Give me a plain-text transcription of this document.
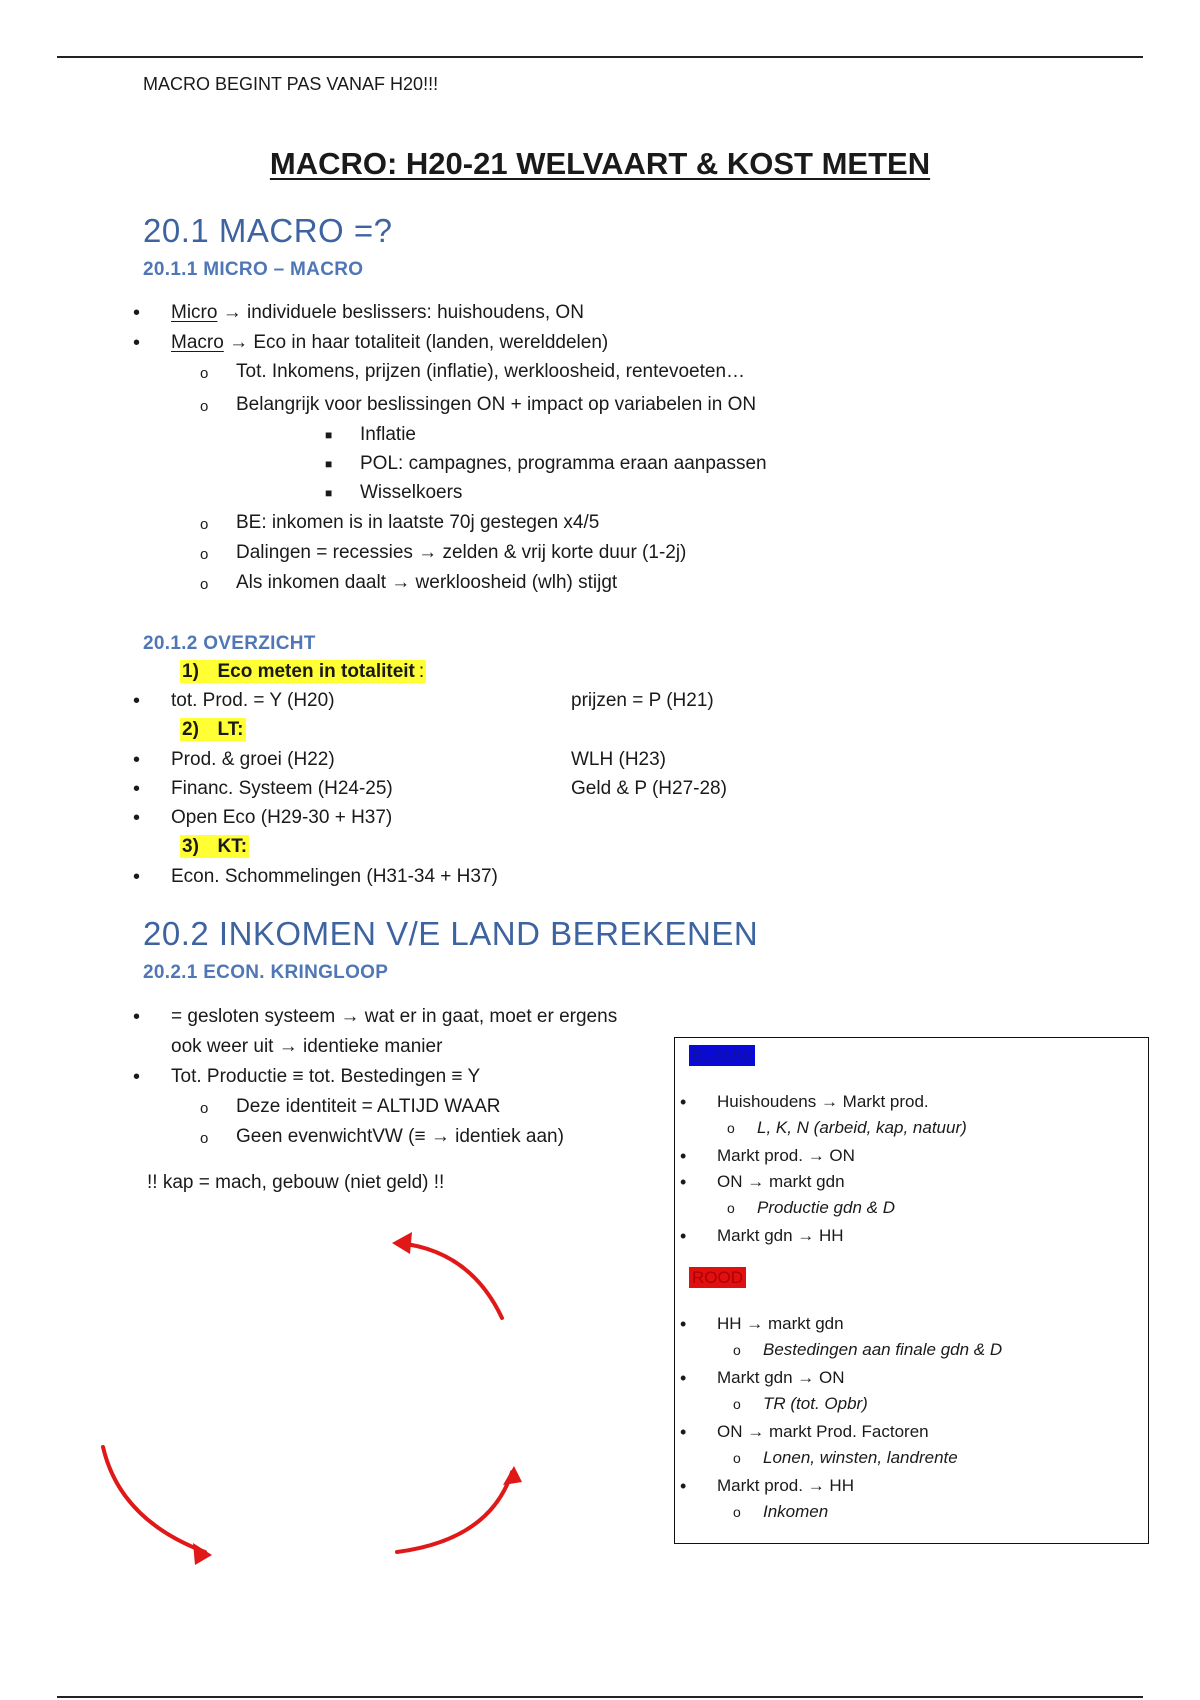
MACRO BEGINT PAS VANAF H20!!!
MACRO: H20-21 WELVAART & KOST METEN
20.1 MACRO =?
20.1.1 MICRO – MACRO
• Micro → individuele beslissers: huishoudens, ON
• Macro → Eco in haar totaliteit (landen, werelddelen)
o Tot. Inkomens, prijzen (inflatie), werkloosheid, rentevoeten…
o Belangrijk voor beslissingen ON + impact op variabelen in ON
■ Inflatie
■ POL: campagnes, programma eraan aanpassen
■ Wisselkoers
o BE: inkomen is in laatste 70j gestegen x4/5
o Dalingen = recessies → zelden & vrij korte duur (1-2j)
o Als inkomen daalt → werkloosheid (wlh) stijgt
20.1.2 OVERZICHT
1) Eco meten in totaliteit :
• tot. Prod. = Y (H20)	prijzen = P (H21)
2) LT:
• Prod. & groei (H22)	WLH (H23)
• Financ. Systeem (H24-25)	Geld & P (H27-28)
• Open Eco (H29-30 + H37)
3) KT:
• Econ. Schommelingen (H31-34 + H37)
20.2 INKOMEN V/E LAND BEREKENEN
20.2.1 ECON. KRINGLOOP
• = gesloten systeem → wat er in gaat, moet er ergens
ook weer uit → identieke manier
• Tot. Productie ≡ tot. Bestedingen ≡ Y
o Deze identiteit = ALTIJD WAAR
o Geen evenwichtVW (≡ → identiek aan)
!! kap = mach, gebouw (niet geld) !!
BLAUW
• Huishoudens → Markt prod.
o L, K, N (arbeid, kap, natuur)
• Markt prod. → ON
• ON → markt gdn
o Productie gdn & D
• Markt gdn → HH
ROOD
• HH → markt gdn
o Bestedingen aan finale gdn & D
• Markt gdn → ON
o TR (tot. Opbr)
• ON → markt Prod. Factoren
o Lonen, winsten, landrente
• Markt prod. → HH
o Inkomen
